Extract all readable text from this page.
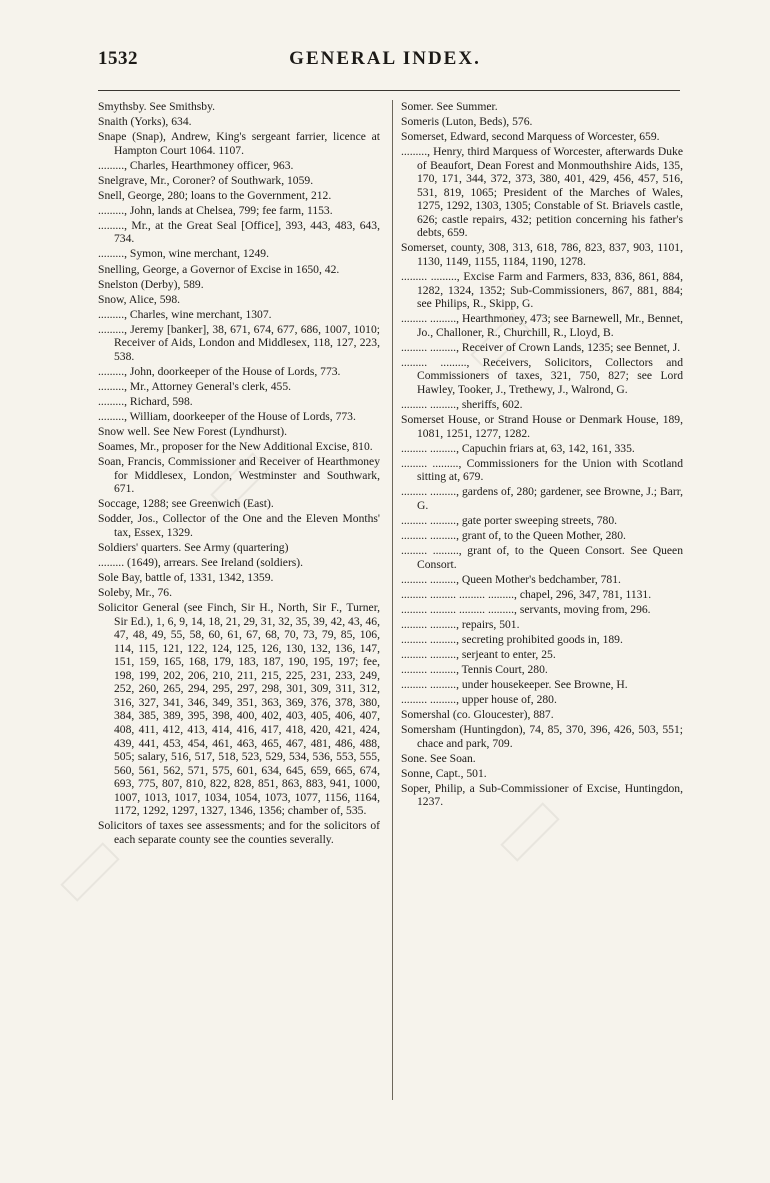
1532	GENERAL INDEX.

Smythsby. See Smithsby.

Snaith (Yorks), 634.

Snape (Snap), Andrew, King's sergeant farrier, licence at Hampton Court 1064. 1107.

........., Charles, Hearthmoney officer, 963.

Snelgrave, Mr., Coroner? of Southwark, 1059.

Snell, George, 280; loans to the Government, 212.

........., John, lands at Chelsea, 799; fee farm, 1153.

........., Mr., at the Great Seal [Office], 393, 443, 483, 643, 734.

........., Symon, wine merchant, 1249.

Snelling, George, a Governor of Excise in 1650, 42.

Snelston (Derby), 589.

Snow, Alice, 598.

........., Charles, wine merchant, 1307.

........., Jeremy [banker], 38, 671, 674, 677, 686, 1007, 1010; Receiver of Aids, London and Middlesex, 118, 127, 223, 538.

........., John, doorkeeper of the House of Lords, 773.

........., Mr., Attorney General's clerk, 455.

........., Richard, 598.

........., William, doorkeeper of the House of Lords, 773.

Snow well. See New Forest (Lyndhurst).

Soames, Mr., proposer for the New Additional Excise, 810.

Soan, Francis, Commissioner and Receiver of Hearthmoney for Middlesex, London, Westminster and Southwark, 671.

Soccage, 1288; see Greenwich (East).

Sodder, Jos., Collector of the One and the Eleven Months' tax, Essex, 1329.

Soldiers' quarters. See Army (quartering)

......... (1649), arrears. See Ireland (soldiers).

Sole Bay, battle of, 1331, 1342, 1359.

Soleby, Mr., 76.

Solicitor General (see Finch, Sir H., North, Sir F., Turner, Sir Ed.), 1, 6, 9, 14, 18, 21, 29, 31, 32, 35, 39, 42, 43, 46, 47, 48, 49, 55, 58, 60, 61, 67, 68, 70, 73, 79, 85, 106, 114, 115, 121, 122, 124, 125, 126, 130, 132, 136, 147, 151, 159, 165, 168, 179, 183, 187, 190, 195, 197; fee, 198, 199, 202, 206, 210, 211, 215, 225, 231, 233, 249, 252, 260, 265, 294, 295, 297, 298, 301, 309, 311, 312, 316, 327, 341, 346, 349, 351, 363, 369, 376, 378, 380, 384, 385, 389, 395, 398, 400, 402, 403, 405, 406, 407, 408, 411, 412, 413, 414, 416, 417, 418, 420, 421, 424, 439, 441, 453, 454, 461, 463, 465, 467, 481, 486, 488, 505; salary, 516, 517, 518, 523, 529, 534, 536, 553, 555, 560, 561, 562, 571, 575, 601, 634, 645, 659, 665, 674, 693, 775, 807, 810, 822, 828, 851, 863, 883, 941, 1000, 1007, 1013, 1017, 1034, 1054, 1073, 1077, 1156, 1164, 1172, 1292, 1297, 1327, 1346, 1356; chamber of, 535.

Solicitors of taxes see assessments; and for the solicitors of each separate county see the counties severally.

Somer. See Summer.

Someris (Luton, Beds), 576.

Somerset, Edward, second Marquess of Worcester, 659.

........., Henry, third Marquess of Worcester, afterwards Duke of Beaufort, Dean Forest and Monmouthshire Aids, 135, 170, 171, 344, 372, 373, 380, 401, 429, 456, 457, 516, 531, 819, 1065; President of the Marches of Wales, 1275, 1292, 1303, 1305; Constable of St. Briavels castle, 626; castle repairs, 432; petition concerning his father's debts, 659.

Somerset, county, 308, 313, 618, 786, 823, 837, 903, 1101, 1130, 1149, 1155, 1184, 1190, 1278.

......... ........., Excise Farm and Farmers, 833, 836, 861, 884, 1282, 1324, 1352; Sub-Commissioners, 867, 881, 884; see Philips, R., Skipp, G.

......... ........., Hearthmoney, 473; see Barnewell, Mr., Bennet, Jo., Challoner, R., Churchill, R., Lloyd, B.

......... ........., Receiver of Crown Lands, 1235; see Bennet, J.

......... ........., Receivers, Solicitors, Collectors and Commissioners of taxes, 321, 750, 827; see Lord Hawley, Tooker, J., Trethewy, J., Walrond, G.

......... ........., sheriffs, 602.

Somerset House, or Strand House or Denmark House, 189, 1081, 1251, 1277, 1282.

......... ........., Capuchin friars at, 63, 142, 161, 335.

......... ........., Commissioners for the Union with Scotland sitting at, 679.

......... ........., gardens of, 280; gardener, see Browne, J.; Barr, G.

......... ........., gate porter sweeping streets, 780.

......... ........., grant of, to the Queen Mother, 280.

......... ........., grant of, to the Queen Consort. See Queen Consort.

......... ........., Queen Mother's bedchamber, 781.

......... ......... ......... ........., chapel, 296, 347, 781, 1131.

......... ......... ......... ........., servants, moving from, 296.

......... ........., repairs, 501.

......... ........., secreting prohibited goods in, 189.

......... ........., serjeant to enter, 25.

......... ........., Tennis Court, 280.

......... ........., under housekeeper. See Browne, H.

......... ........., upper house of, 280.

Somershal (co. Gloucester), 887.

Somersham (Huntingdon), 74, 85, 370, 396, 426, 503, 551; chace and park, 709.

Sone. See Soan.

Sonne, Capt., 501.

Soper, Philip, a Sub-Commissioner of Excise, Huntingdon, 1237.
